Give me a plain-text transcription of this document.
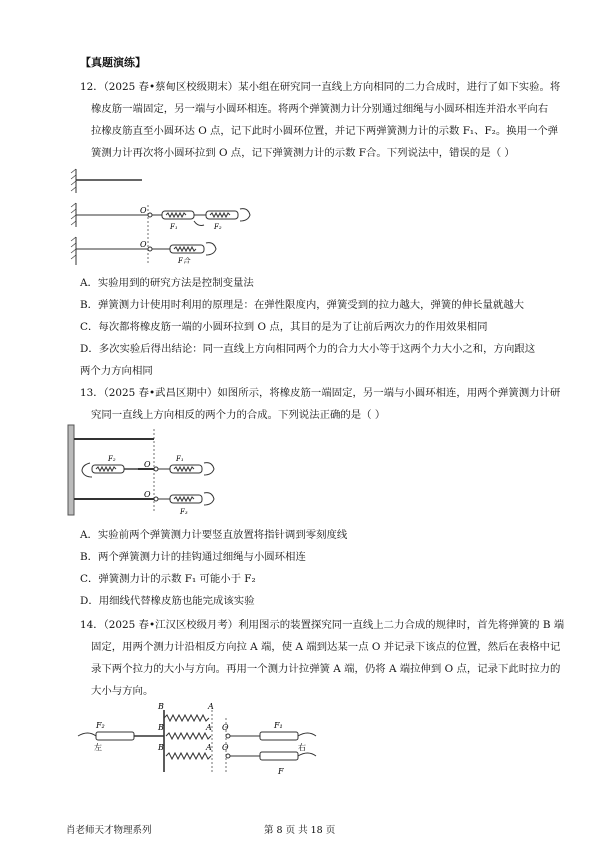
【真题演练】
12．（2025 春•蔡甸区校级期末）某小组在研究同一直线上方向相同的二力合成时，进行了如下实验。将
橡皮筋一端固定，另一端与小圆环相连。将两个弹簧测力计分别通过细绳与小圆环相连并沿水平向右
拉橡皮筋直至小圆环达 O 点，记下此时小圆环位置，并记下两弹簧测力计的示数 F₁、F₂。换用一个弹
簧测力计再次将小圆环拉到 O 点，记下弹簧测力计的示数 F合。下列说法中，错误的是（ ）
O
O
F₁	F₂
F合
A．实验用到的研究方法是控制变量法
B．弹簧测力计使用时利用的原理是：在弹性限度内，弹簧受到的拉力越大，弹簧的伸长量就越大
C．每次都将橡皮筋一端的小圆环拉到 O 点，其目的是为了让前后两次力的作用效果相同
D．多次实验后得出结论：同一直线上方向相同两个力的合力大小等于这两个力大小之和，方向跟这
两个力方向相同
13．（2025 春•武昌区期中）如图所示，将橡皮筋一端固定，另一端与小圆环相连，用两个弹簧测力计研
究同一直线上方向相反的两个力的合成。下列说法正确的是（ ）
F₂
O
F₁
O
F₃
A．实验前两个弹簧测力计要竖直放置将指针调到零刻度线
B．两个弹簧测力计的挂钩通过细绳与小圆环相连
C．弹簧测力计的示数 F₁ 可能小于 F₂
D．用细线代替橡皮筋也能完成该实验
14．（2025 春•江汉区校级月考）利用图示的装置探究同一直线上二力合成的规律时，首先将弹簧的 B 端
固定，用两个测力计沿相反方向拉 A 端，使 A 端到达某一点 O 并记录下该点的位置，然后在表格中记
录下两个拉力的大小与方向。再用一个测力计拉弹簧 A 端，仍将 A 端拉伸到 O 点，记录下此时拉力的
大小与方向。
B	A
F₂	B	A O	F₁
左	右
B	A O
F
肖老师天才物理系列	第 8 页 共 18 页
